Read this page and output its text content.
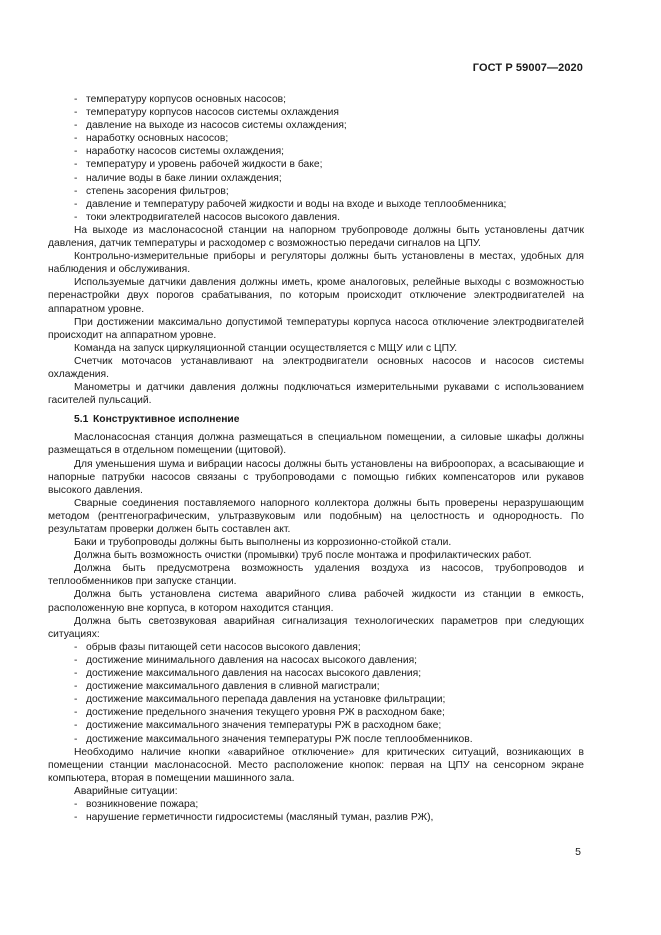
ГОСТ Р 59007—2020
- температуру корпусов основных насосов;
- температуру корпусов насосов системы охлаждения
- давление на выходе из насосов системы охлаждения;
- наработку основных насосов;
- наработку насосов системы охлаждения;
- температуру и уровень рабочей жидкости в баке;
- наличие воды в баке линии охлаждения;
- степень засорения фильтров;
- давление и температуру рабочей жидкости и воды на входе и выходе теплообменника;
- токи электродвигателей насосов высокого давления.

На выходе из маслонасосной станции на напорном трубопроводе должны быть установлены датчик давления, датчик температуры и расходомер с возможностью передачи сигналов на ЦПУ.

Контрольно-измерительные приборы и регуляторы должны быть установлены в местах, удобных для наблюдения и обслуживания.

Используемые датчики давления должны иметь, кроме аналоговых, релейные выходы с возможностью перенастройки двух порогов срабатывания, по которым происходит отключение электродвигателей на аппаратном уровне.

При достижении максимально допустимой температуры корпуса насоса отключение электродвигателей происходит на аппаратном уровне.

Команда на запуск циркуляционной станции осуществляется с МЩУ или с ЦПУ.

Счетчик моточасов устанавливают на электродвигатели основных насосов и насосов системы охлаждения.

Манометры и датчики давления должны подключаться измерительными рукавами с использованием гасителей пульсаций.

5.1 Конструктивное исполнение

Маслонасосная станция должна размещаться в специальном помещении, а силовые шкафы должны размещаться в отдельном помещении (щитовой).

Для уменьшения шума и вибрации насосы должны быть установлены на виброопорах, а всасывающие и напорные патрубки насосов связаны с трубопроводами с помощью гибких компенсаторов или рукавов высокого давления.

Сварные соединения поставляемого напорного коллектора должны быть проверены неразрушающим методом (рентгенографическим, ультразвуковым или подобным) на целостность и однородность. По результатам проверки должен быть составлен акт.

Баки и трубопроводы должны быть выполнены из коррозионно-стойкой стали.

Должна быть возможность очистки (промывки) труб после монтажа и профилактических работ.

Должна быть предусмотрена возможность удаления воздуха из насосов, трубопроводов и теплообменников при запуске станции.

Должна быть установлена система аварийного слива рабочей жидкости из станции в емкость, расположенную вне корпуса, в котором находится станция.

Должна быть светозвуковая аварийная сигнализация технологических параметров при следующих ситуациях:

- обрыв фазы питающей сети насосов высокого давления;
- достижение минимального давления на насосах высокого давления;
- достижение максимального давления на насосах высокого давления;
- достижение максимального давления в сливной магистрали;
- достижение максимального перепада давления на установке фильтрации;
- достижение предельного значения текущего уровня РЖ в расходном баке;
- достижение максимального значения температуры РЖ в расходном баке;
- достижение максимального значения температуры РЖ после теплообменников.

Необходимо наличие кнопки «аварийное отключение» для критических ситуаций, возникающих в помещении станции маслонасосной. Место расположение кнопок: первая на ЦПУ на сенсорном экране компьютера, вторая в помещении машинного зала.

Аварийные ситуации:

- возникновение пожара;
- нарушение герметичности гидросистемы (масляный туман, разлив РЖ),
5
